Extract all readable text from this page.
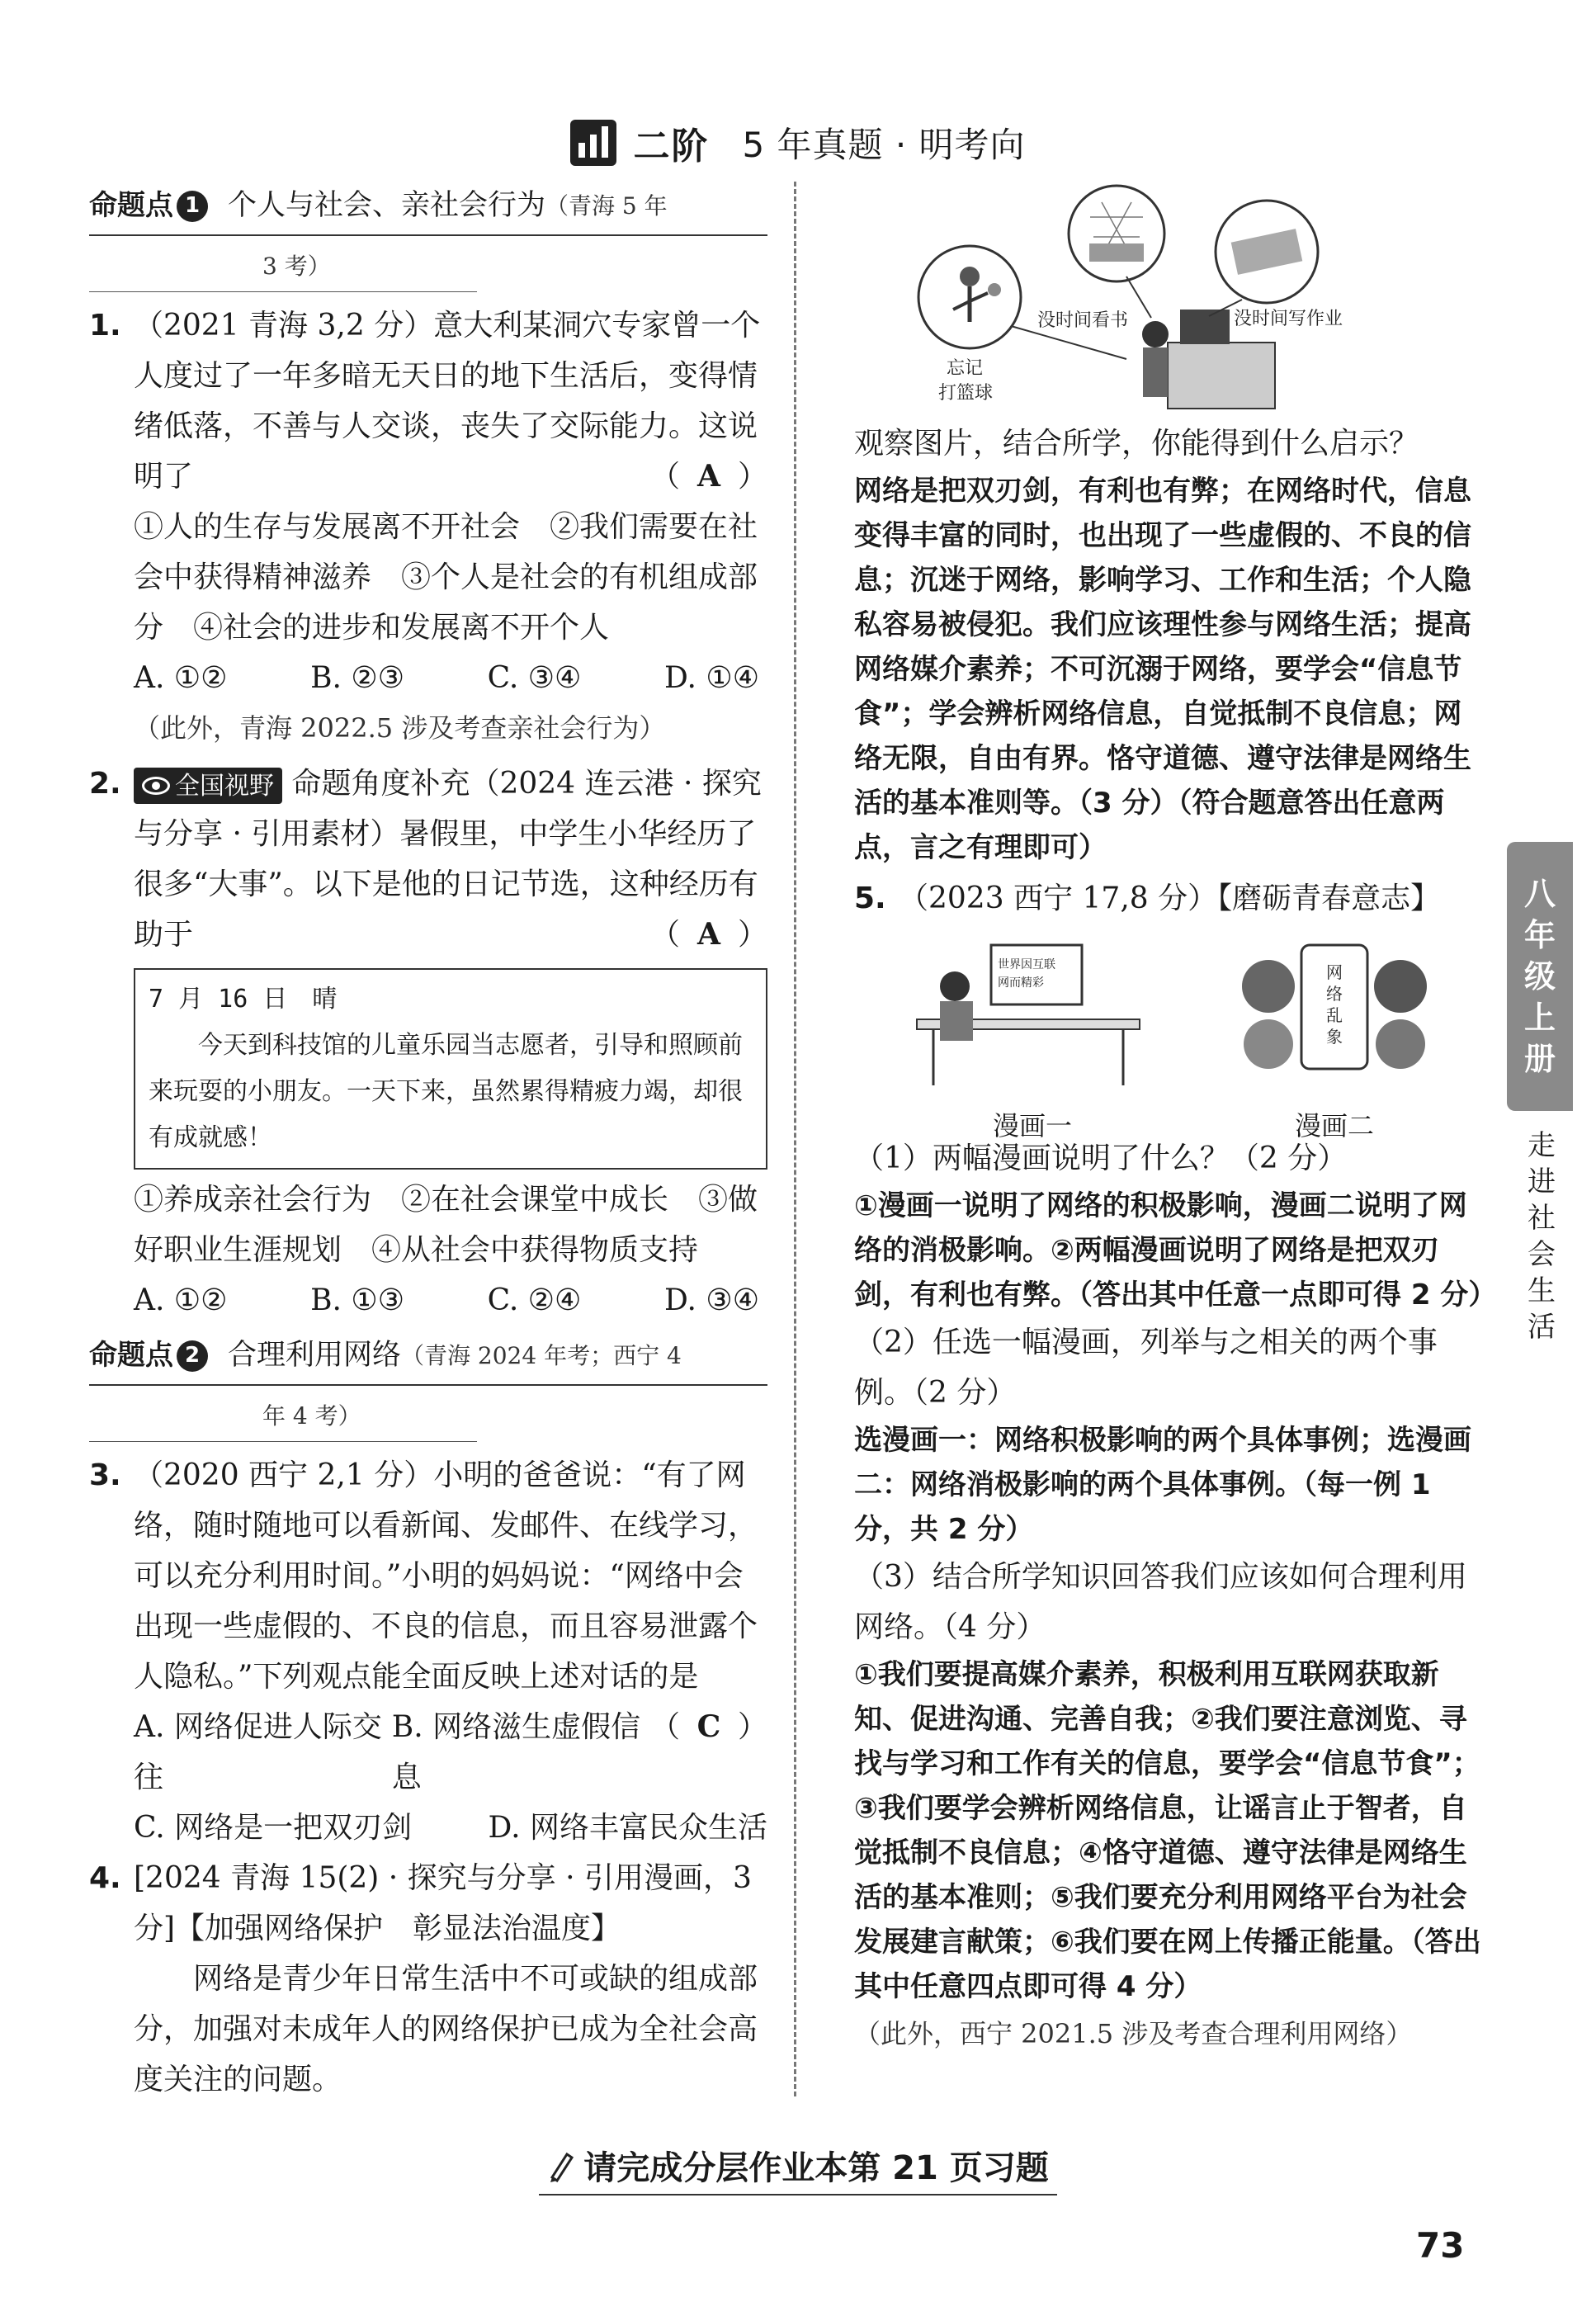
二阶 5 年真题 · 明考向
命题点 1 个人与社会、亲社会行为 （青海 5 年
3 考）
1. （2021 青海 3,2 分）意大利某洞穴专家曾一个人度过了一年多暗无天日的地下生活后，变得情绪低落，不善与人交谈，丧失了交际能力。这说明了	（ A ）
①人的生存与发展离不开社会　②我们需要在社会中获得精神滋养　③个人是社会的有机组成部分　④社会的进步和发展离不开个人
A. ①②	B. ②③	C. ③④	D. ①④
（此外，青海 2022.5 涉及考查亲社会行为）
2. 全国视野 命题角度补充（2024 连云港 · 探究与分享 · 引用素材）暑假里，中学生小华经历了很多“大事”。以下是他的日记节选，这种经历有助于	（ A ）
7 月 16 日　晴

今天到科技馆的儿童乐园当志愿者，引导和照顾前来玩耍的小朋友。一天下来，虽然累得精疲力竭，却很有成就感！

①养成亲社会行为　②在社会课堂中成长　③做好职业生涯规划　④从社会中获得物质支持
A. ①②	B. ①③	C. ②④	D. ③④
命题点 2 合理利用网络 （青海 2024 年考；西宁 4
年 4 考）
3. （2020 西宁 2,1 分）小明的爸爸说：“有了网络，随时随地可以看新闻、发邮件、在线学习，可以充分利用时间。”小明的妈妈说：“网络中会出现一些虚假的、不良的信息，而且容易泄露个人隐私。”下列观点能全面反映上述对话的是
（ C ）
A. 网络促进人际交往
B. 网络滋生虚假信息
C. 网络是一把双刃剑	D. 网络丰富民众生活
4. [2024 青海 15(2) · 探究与分享 · 引用漫画，3 分]【加强网络保护　彰显法治温度】
网络是青少年日常生活中不可或缺的组成部分，加强对未成年人的网络保护已成为全社会高度关注的问题。
没时间看书	没时间写作业
忘记
打篮球
观察图片，结合所学，你能得到什么启示？
网络是把双刃剑，有利也有弊；在网络时代，信息变得丰富的同时，也出现了一些虚假的、不良的信息；沉迷于网络，影响学习、工作和生活；个人隐私容易被侵犯。我们应该理性参与网络生活；提高网络媒介素养；不可沉溺于网络，要学会“信息节食”；学会辨析网络信息，自觉抵制不良信息；网络无限，自由有界。恪守道德、遵守法律是网络生活的基本准则等。（3 分）（符合题意答出任意两点，言之有理即可）
5. （2023 西宁 17,8 分）【磨砺青春意志】
世界因互联
网而精彩
漫画一
网
络
乱
象
漫画二
（1）两幅漫画说明了什么？（2 分）
①漫画一说明了网络的积极影响，漫画二说明了网络的消极影响。②两幅漫画说明了网络是把双刃剑，有利也有弊。（答出其中任意一点即可得 2 分）
（2）任选一幅漫画，列举与之相关的两个事例。（2 分）
选漫画一：网络积极影响的两个具体事例；选漫画二：网络消极影响的两个具体事例。（每一例 1 分，共 2 分）
（3）结合所学知识回答我们应该如何合理利用网络。（4 分）
①我们要提高媒介素养，积极利用互联网获取新知、促进沟通、完善自我；②我们要注意浏览、寻找与学习和工作有关的信息，要学会“信息节食”；③我们要学会辨析网络信息，让谣言止于智者，自觉抵制不良信息；④恪守道德、遵守法律是网络生活的基本准则；⑤我们要充分利用网络平台为社会发展建言献策；⑥我们要在网上传播正能量。（答出其中任意四点即可得 4 分）
（此外，西宁 2021.5 涉及考查合理利用网络）
八
年
级
上
册
走
进
社
会
生
活
请完成分层作业本第 21 页习题
73
